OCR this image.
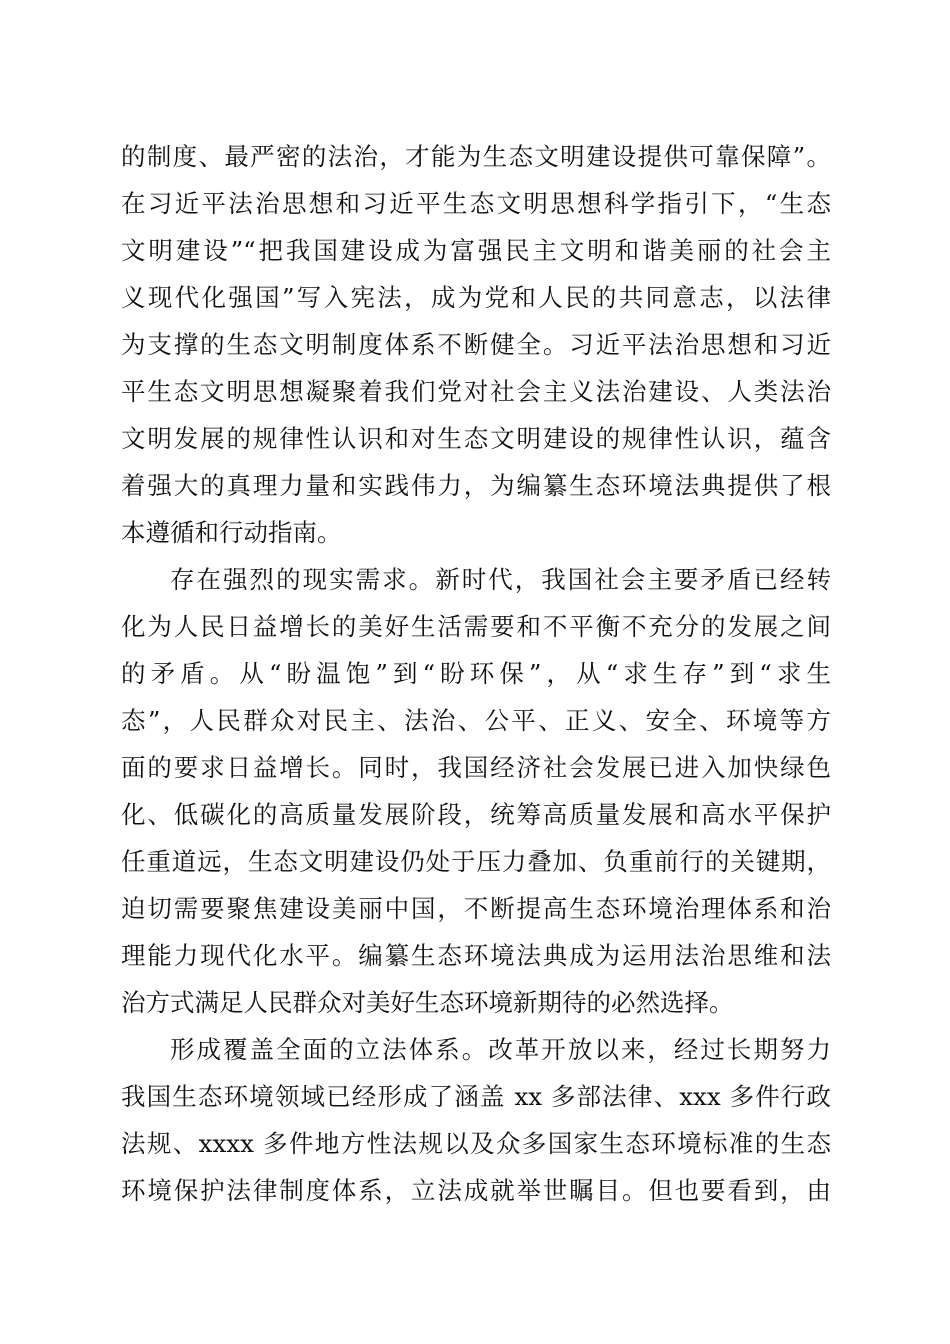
的制度、最严密的法治，才能为生态文明建设提供可靠保障”。
在习近平法治思想和习近平生态文明思想科学指引下，“生态
文明建设”“把我国建设成为富强民主文明和谐美丽的社会主
义现代化强国”写入宪法，成为党和人民的共同意志，以法律
为支撑的生态文明制度体系不断健全。习近平法治思想和习近
平生态文明思想凝聚着我们党对社会主义法治建设、人类法治
文明发展的规律性认识和对生态文明建设的规律性认识，蕴含
着强大的真理力量和实践伟力，为编纂生态环境法典提供了根
本遵循和行动指南。
存在强烈的现实需求。新时代，我国社会主要矛盾已经转
化为人民日益增长的美好生活需要和不平衡不充分的发展之间
的矛盾。从“盼温饱”到“盼环保”，从“求生存”到“求生
态”，人民群众对民主、法治、公平、正义、安全、环境等方
面的要求日益增长。同时，我国经济社会发展已进入加快绿色
化、低碳化的高质量发展阶段，统筹高质量发展和高水平保护
任重道远，生态文明建设仍处于压力叠加、负重前行的关键期，
迫切需要聚焦建设美丽中国，不断提高生态环境治理体系和治
理能力现代化水平。编纂生态环境法典成为运用法治思维和法
治方式满足人民群众对美好生态环境新期待的必然选择。
形成覆盖全面的立法体系。改革开放以来，经过长期努力
我国生态环境领域已经形成了涵盖 xx 多部法律、xxx 多件行政
法规、xxxx 多件地方性法规以及众多国家生态环境标准的生态
环境保护法律制度体系，立法成就举世瞩目。但也要看到，由
